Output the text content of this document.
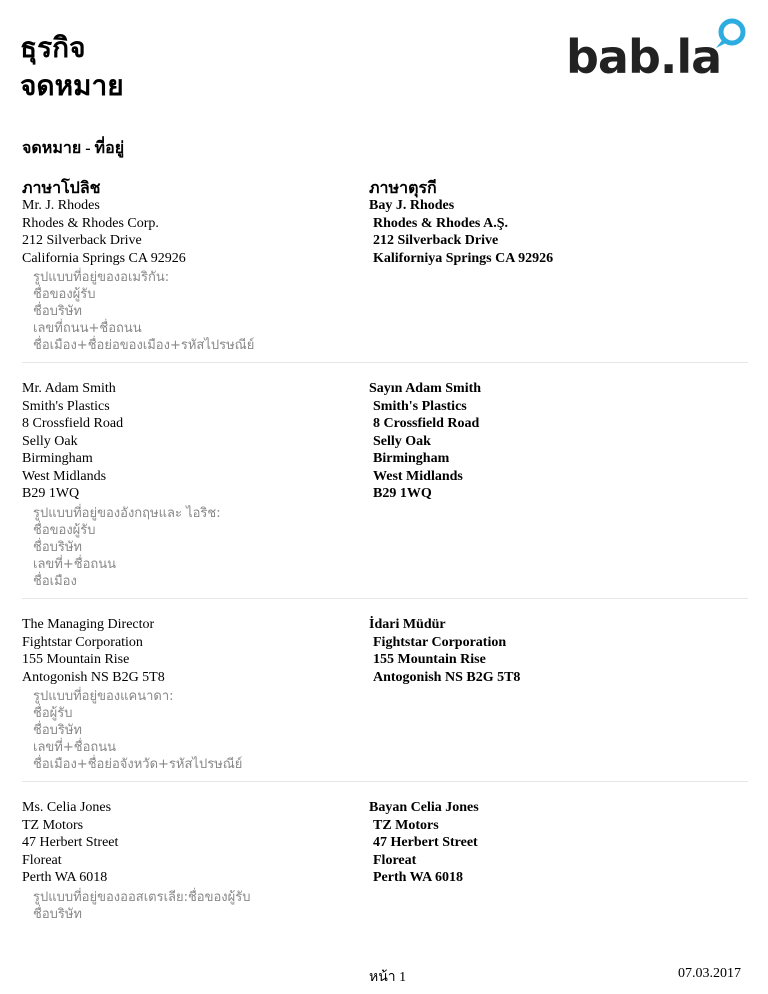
ธุรกิจ
จดหมาย
bab.la
จดหมาย - ที่อยู่
ภาษาโปลิช	ภาษาตุรกี
Mr. J. Rhodes
Rhodes & Rhodes Corp.
212 Silverback Drive
California Springs CA 92926
รูปแบบที่อยู่ของอเมริกัน:
ชื่อของผู้รับ
ชื่อบริษัท
เลขที่ถนน+ชื่อถนน
ชื่อเมือง+ชื่อย่อของเมือง+รหัสไปรษณีย์
Bay J. Rhodes
Rhodes & Rhodes A.Ş.
212 Silverback Drive
Kaliforniya Springs CA 92926
Mr. Adam Smith
Smith's Plastics
8 Crossfield Road
Selly Oak
Birmingham
West Midlands
B29 1WQ
รูปแบบที่อยู่ของอังกฤษและ ไอริช:
ชื่อของผู้รับ
ชื่อบริษัท
เลขที่+ชื่อถนน
ชื่อเมือง
Sayın Adam Smith
Smith's Plastics
8 Crossfield Road
Selly Oak
Birmingham
West Midlands
B29 1WQ
The Managing Director
Fightstar Corporation
155 Mountain Rise
Antogonish NS B2G 5T8
รูปแบบที่อยู่ของแคนาดา:
ชื่อผู้รับ
ชื่อบริษัท
เลขที่+ชื่อถนน
ชื่อเมือง+ชื่อย่อจังหวัด+รหัสไปรษณีย์
İdari Müdür
Fightstar Corporation
155 Mountain Rise
Antogonish NS B2G 5T8
Ms. Celia Jones
TZ Motors
47 Herbert Street
Floreat
Perth WA 6018
รูปแบบที่อยู่ของออสเตรเลีย:ชื่อของผู้รับ
ชื่อบริษัท
Bayan Celia Jones
TZ Motors
47 Herbert Street
Floreat
Perth WA 6018
หน้า 1	07.03.2017
